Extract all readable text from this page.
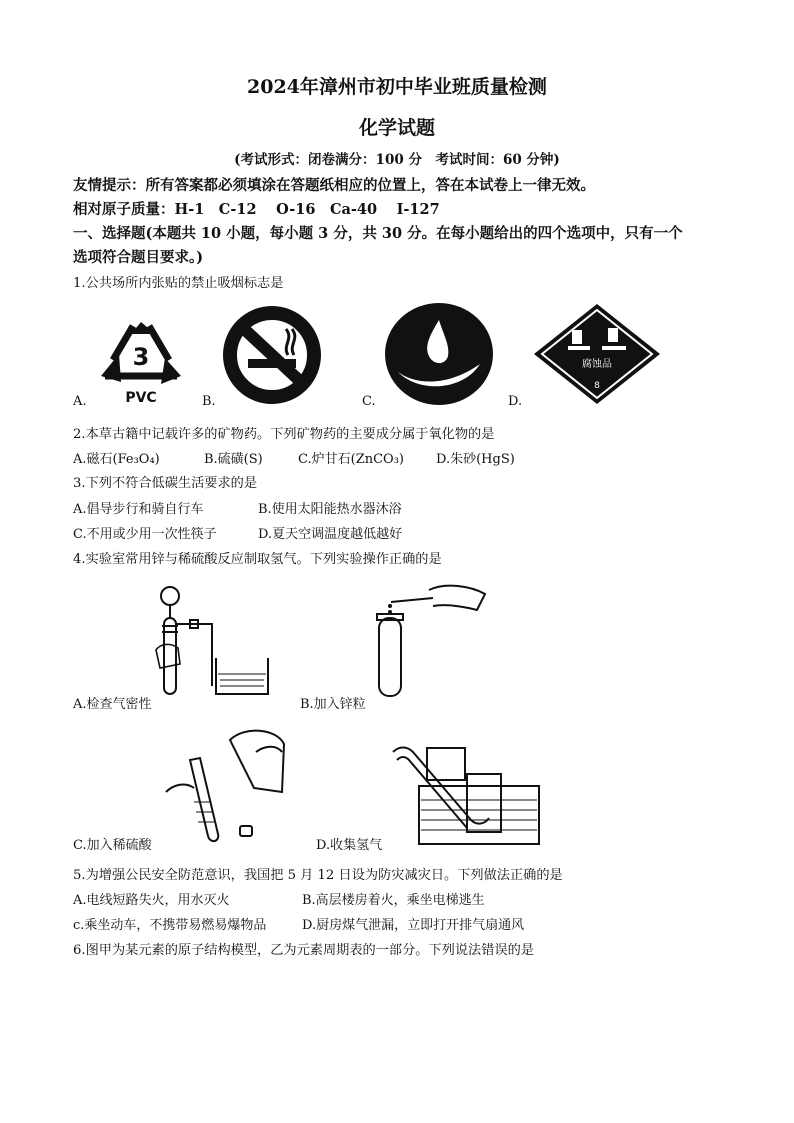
2024年漳州市初中毕业班质量检测
化学试题
(考试形式：闭卷满分：100 分　考试时间：60 分钟)
友情提示：所有答案都必须填涂在答题纸相应的位置上，答在本试卷上一律无效。
相对原子质量：H-1　C-12　 O-16　Ca-40　 I-127
一、选择题(本题共 10 小题，每小题 3 分，共 30 分。在每小题给出的四个选项中，只有一个
选项符合题目要求。)
1.公共场所内张贴的禁止吸烟标志是
3
PVC
A.	B.	C.
腐蚀品
8
D.
2.本草古籍中记载许多的矿物药。下列矿物药的主要成分属于氧化物的是
A.磁石(Fe₃O₄)	B.硫磺(S)	C.炉甘石(ZnCO₃) D.朱砂(HgS)
3.下列不符合低碳生活要求的是
A.倡导步行和骑自行车	B.使用太阳能热水器沐浴
C.不用或少用一次性筷子	D.夏天空调温度越低越好
4.实验室常用锌与稀硫酸反应制取氢气。下列实验操作正确的是
A.检查气密性	B.加入锌粒
C.加入稀硫酸	D.收集氢气
5.为增强公民安全防范意识，我国把 5 月 12 日设为防灾减灾日。下列做法正确的是
A.电线短路失火，用水灭火	B.高层楼房着火，乘坐电梯逃生
c.乘坐动车，不携带易燃易爆物品	D.厨房煤气泄漏，立即打开排气扇通风
6.图甲为某元素的原子结构模型，乙为元素周期表的一部分。下列说法错误的是
